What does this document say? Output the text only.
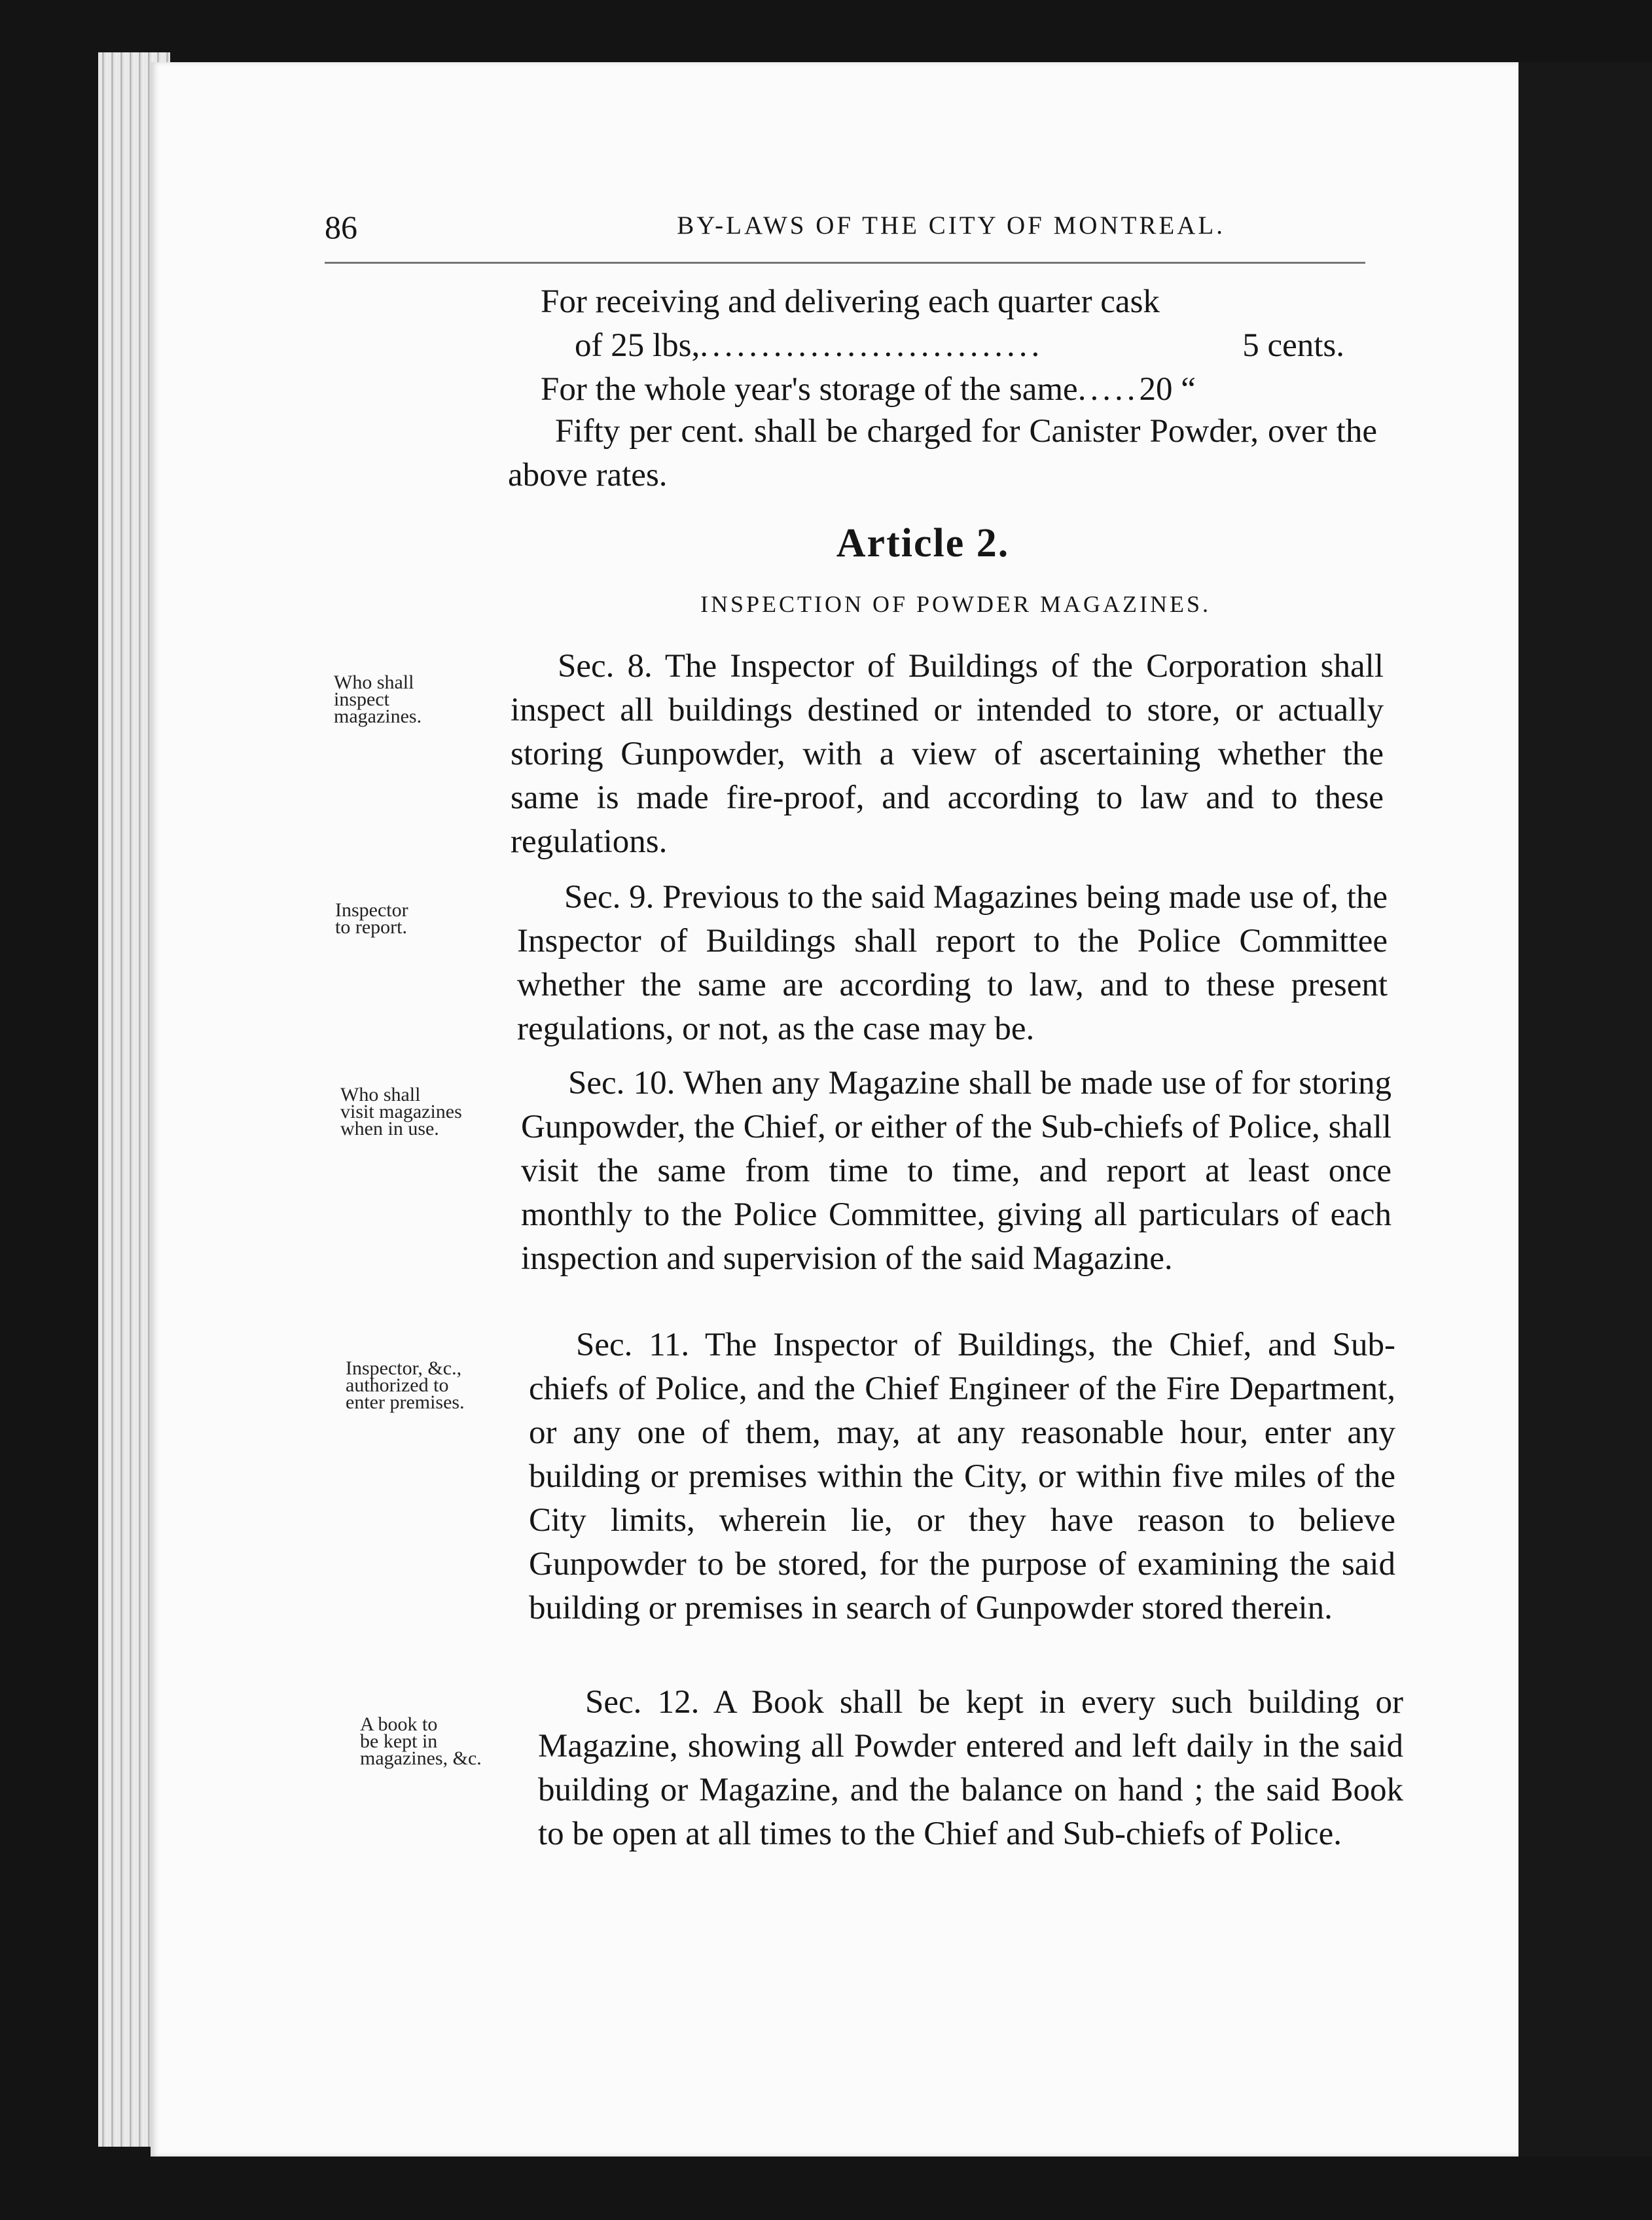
86	BY-LAWS OF THE CITY OF MONTREAL.
For receiving and delivering each quarter cask
of 25 lbs,............................	5 cents.
For the whole year's storage of the same.....20 “

Fifty per cent. shall be charged for Canister Powder, over the above rates.

Article 2.
INSPECTION OF POWDER MAGAZINES.
Who shall
inspect
magazines.

Sec. 8. The Inspector of Buildings of the Corporation shall inspect all buildings destined or intended to store, or actually storing Gunpowder, with a view of ascertaining whether the same is made fire-proof, and according to law and to these regulations.

Inspector
to report.

Sec. 9. Previous to the said Magazines being made use of, the Inspector of Buildings shall report to the Police Committee whether the same are according to law, and to these present regulations, or not, as the case may be.

Who shall
visit magazines
when in use.

Sec. 10. When any Magazine shall be made use of for storing Gunpowder, the Chief, or either of the Sub-chiefs of Police, shall visit the same from time to time, and report at least once monthly to the Police Committee, giving all particulars of each inspection and supervision of the said Magazine.

Inspector, &c.,
authorized to
enter premises.

Sec. 11. The Inspector of Buildings, the Chief, and Sub-chiefs of Police, and the Chief Engineer of the Fire Department, or any one of them, may, at any reasonable hour, enter any building or premises within the City, or within five miles of the City limits, wherein lie, or they have reason to believe Gunpowder to be stored, for the purpose of examining the said building or premises in search of Gunpowder stored therein.

A book to
be kept in
magazines, &c.

Sec. 12. A Book shall be kept in every such building or Magazine, showing all Powder entered and left daily in the said building or Magazine, and the balance on hand ; the said Book to be open at all times to the Chief and Sub-chiefs of Police.
